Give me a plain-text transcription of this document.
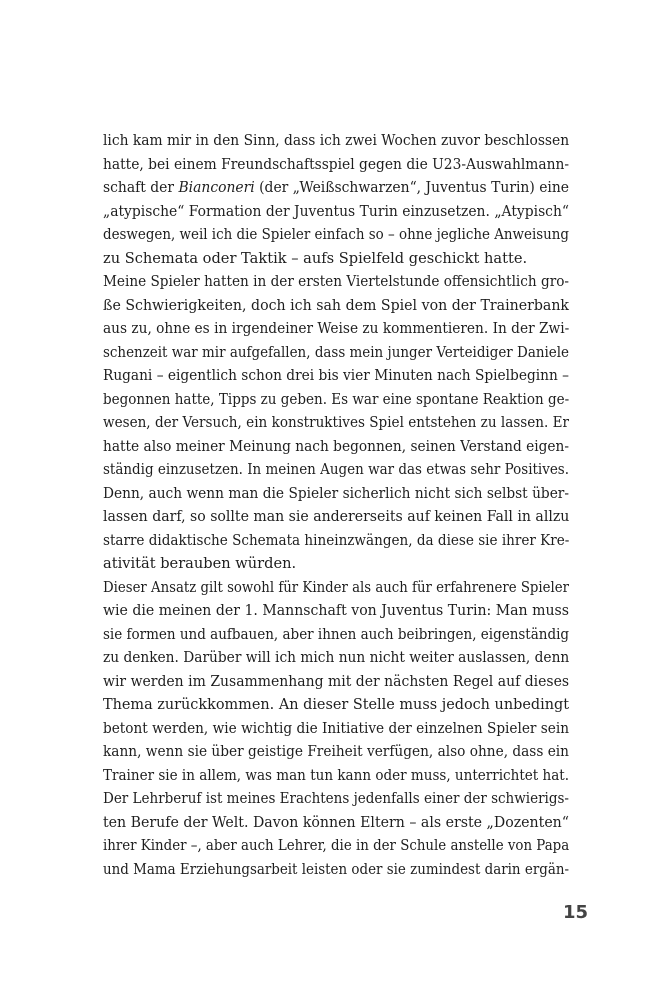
lich kam mir in den Sinn, dass ich zwei Wochen zuvor beschlossen
hatte, bei einem Freundschaftsspiel gegen die U23-Auswahlmann-
schaft der Bianconeri (der „Weißschwarzen“, Juventus Turin) eine
„atypische“ Formation der Juventus Turin einzusetzen. „Atypisch“
deswegen, weil ich die Spieler einfach so – ohne jegliche Anweisung
zu Schemata oder Taktik – aufs Spielfeld geschickt hatte.
Meine Spieler hatten in der ersten Viertelstunde offensichtlich gro-
ße Schwierigkeiten, doch ich sah dem Spiel von der Trainerbank
aus zu, ohne es in irgendeiner Weise zu kommentieren. In der Zwi-
schenzeit war mir aufgefallen, dass mein junger Verteidiger Daniele
Rugani – eigentlich schon drei bis vier Minuten nach Spielbeginn –
begonnen hatte, Tipps zu geben. Es war eine spontane Reaktion ge-
wesen, der Versuch, ein konstruktives Spiel entstehen zu lassen. Er
hatte also meiner Meinung nach begonnen, seinen Verstand eigen-
ständig einzusetzen. In meinen Augen war das etwas sehr Positives.
Denn, auch wenn man die Spieler sicherlich nicht sich selbst über-
lassen darf, so sollte man sie andererseits auf keinen Fall in allzu
starre didaktische Schemata hineinzwängen, da diese sie ihrer Kre-
ativität berauben würden.
Dieser Ansatz gilt sowohl für Kinder als auch für erfahrenere Spieler
wie die meinen der 1. Mannschaft von Juventus Turin: Man muss
sie formen und aufbauen, aber ihnen auch beibringen, eigenständig
zu denken. Darüber will ich mich nun nicht weiter auslassen, denn
wir werden im Zusammenhang mit der nächsten Regel auf dieses
Thema zurückkommen. An dieser Stelle muss jedoch unbedingt
betont werden, wie wichtig die Initiative der einzelnen Spieler sein
kann, wenn sie über geistige Freiheit verfügen, also ohne, dass ein
Trainer sie in allem, was man tun kann oder muss, unterrichtet hat.
Der Lehrberuf ist meines Erachtens jedenfalls einer der schwierigs-
ten Berufe der Welt. Davon können Eltern – als erste „Dozenten“
ihrer Kinder –, aber auch Lehrer, die in der Schule anstelle von Papa
und Mama Erziehungsarbeit leisten oder sie zumindest darin ergän-
15
